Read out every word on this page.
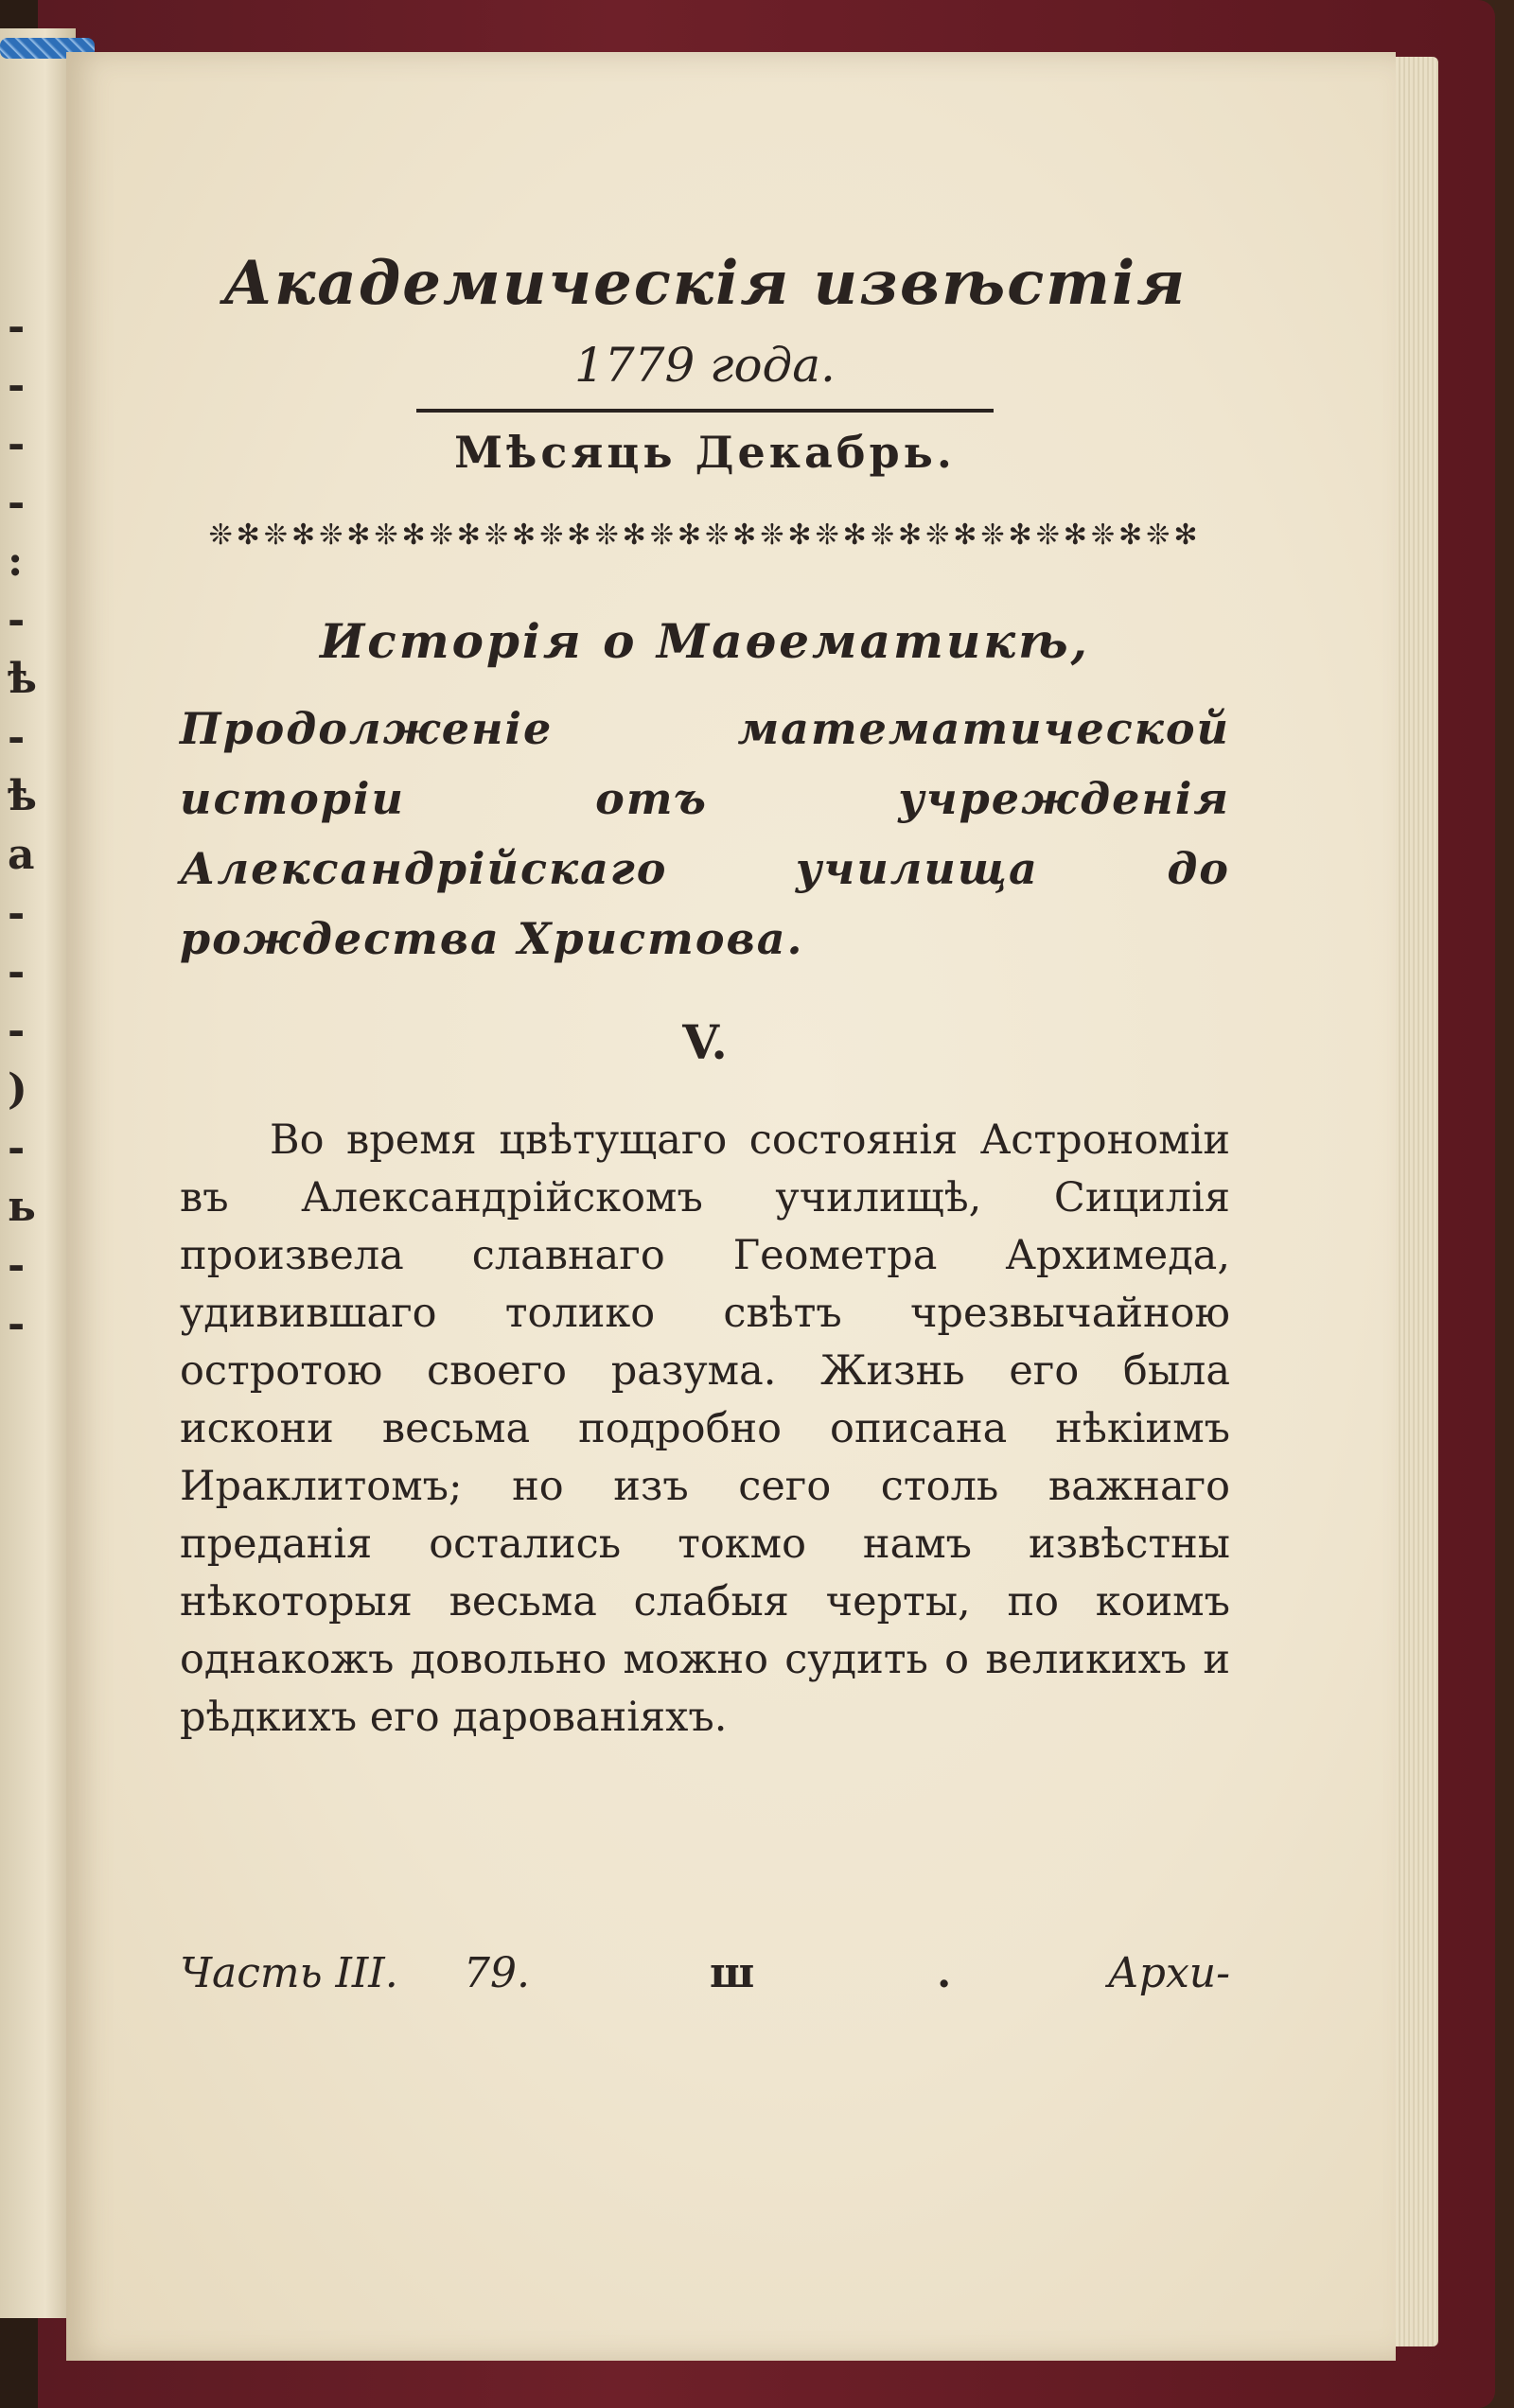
-
-
-
-
:
-
ѣ
-
ѣ
а
-
-
-
)
-
ь
-
-
Академическія извѣстія
1779 года.
Мѣсяць Декабрь.
❊✻❊✻❊✻❊✻❊✻❊✻❊✻❊✻❊✻❊✻❊✻❊✻❊✻❊✻❊✻❊✻❊✻❊✻
Исторія о Маѳематикѣ,
Продолженіе математической исторіи отъ учрежденія Александрійскаго училища до рождества Христова.
V.
Во время цвѣтущаго состоянія Астрономіи въ Александрійскомъ училищѣ, Сицилія произвела славнаго Геометра Архимеда, удивившаго толико свѣтъ чрезвычайною остротою своего разума. Жизнь его была искони весьма подробно описана нѣкіимъ Ираклитомъ; но изъ сего столь важнаго преданія остались токмо намъ извѣстны нѣкоторыя весьма слабыя черты, по коимъ однакожъ довольно можно судить о великихъ и рѣдкихъ его дарованіяхъ.
Часть III. 79.	ш	.	Архи-
